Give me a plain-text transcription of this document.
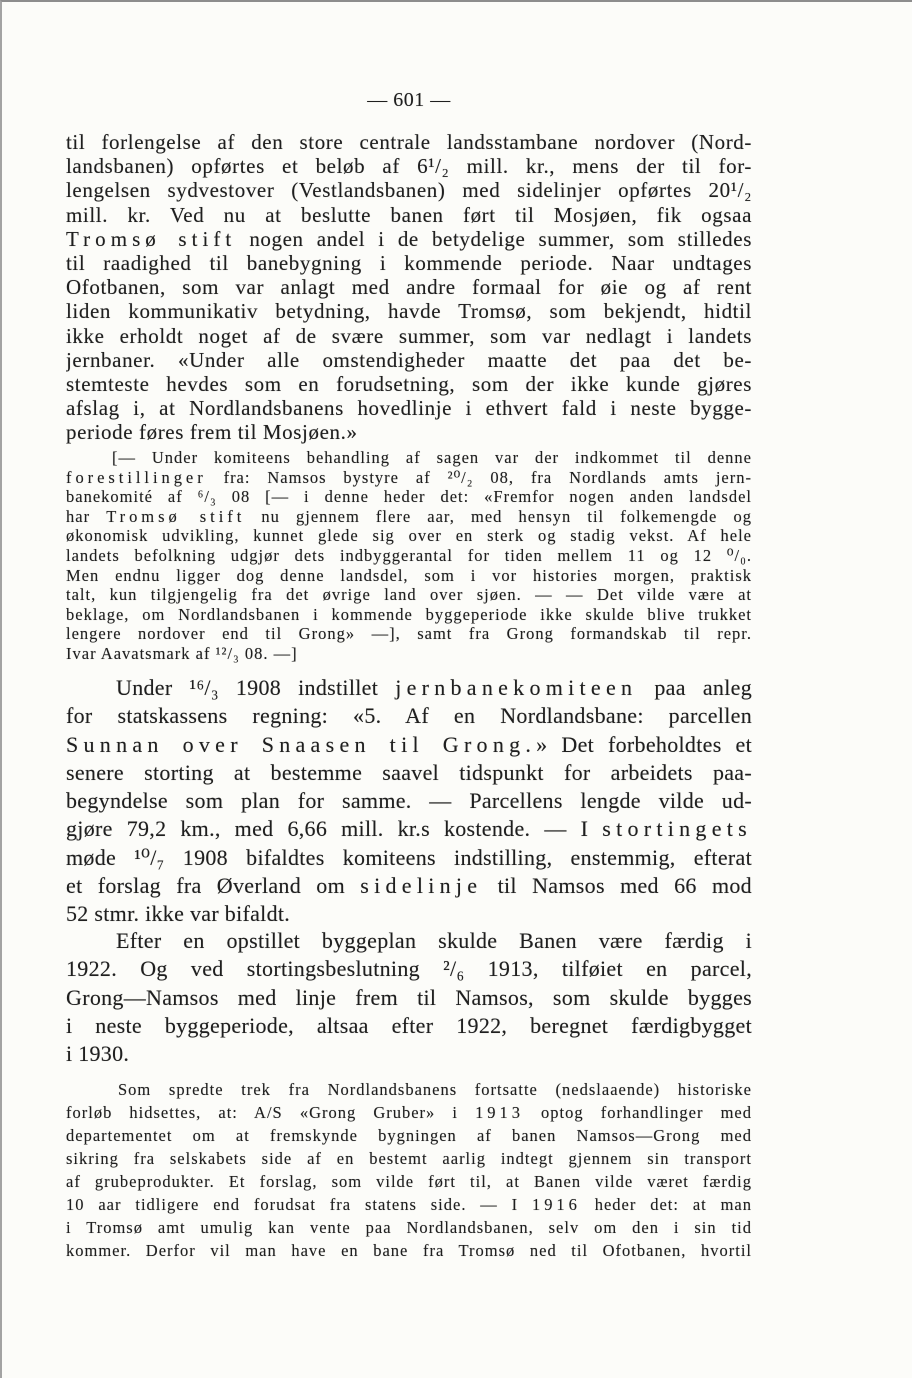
— 601 —
til forlengelse af den store centrale landsstambane nordover (Nord-
landsbanen) opførtes et beløb af 6¹/₂ mill. kr., mens der til for-
lengelsen sydvestover (Vestlandsbanen) med sidelinjer opførtes 20¹/₂
mill. kr. Ved nu at beslutte banen ført til Mosjøen, fik ogsaa
Tromsø stift nogen andel i de betydelige summer, som stilledes
til raadighed til banebygning i kommende periode. Naar undtages
Ofotbanen, som var anlagt med andre formaal for øie og af rent
liden kommunikativ betydning, havde Tromsø, som bekjendt, hidtil
ikke erholdt noget af de svære summer, som var nedlagt i landets
jernbaner. «Under alle omstendigheder maatte det paa det be-
stemteste hevdes som en forudsetning, som der ikke kunde gjøres
afslag i, at Nordlandsbanens hovedlinje i ethvert fald i neste bygge-
periode føres frem til Mosjøen.»
[— Under komiteens behandling af sagen var der indkommet til denne
forestillinger fra: Namsos bystyre af ²⁰/₂ 08, fra Nordlands amts jern-
banekomité af ⁶/₃ 08 [— i denne heder det: «Fremfor nogen anden landsdel
har Tromsø stift nu gjennem flere aar, med hensyn til folkemengde og
økonomisk udvikling, kunnet glede sig over en sterk og stadig vekst. Af hele
landets befolkning udgjør dets indbyggerantal for tiden mellem 11 og 12 ⁰/₀.
Men endnu ligger dog denne landsdel, som i vor histories morgen, praktisk
talt, kun tilgjengelig fra det øvrige land over sjøen. — — Det vilde være at
beklage, om Nordlandsbanen i kommende byggeperiode ikke skulde blive trukket
lengere nordover end til Grong» —], samt fra Grong formandskab til repr.
Ivar Aavatsmark af ¹²/₃ 08. —]
Under ¹⁶/₃ 1908 indstillet jernbanekomiteen paa anleg
for statskassens regning: «5. Af en Nordlandsbane: parcellen
Sunnan over Snaasen til Grong.» Det forbeholdtes et
senere storting at bestemme saavel tidspunkt for arbeidets paa-
begyndelse som plan for samme. — Parcellens lengde vilde ud-
gjøre 79,2 km., med 6,66 mill. kr.s kostende. — I stortingets
møde ¹⁰/₇ 1908 bifaldtes komiteens indstilling, enstemmig, efterat
et forslag fra Øverland om sidelinje til Namsos med 66 mod
52 stmr. ikke var bifaldt.
Efter en opstillet byggeplan skulde Banen være færdig i
1922. Og ved stortingsbeslutning ²/₆ 1913, tilføiet en parcel,
Grong—Namsos med linje frem til Namsos, som skulde bygges
i neste byggeperiode, altsaa efter 1922, beregnet færdigbygget
i 1930.
Som spredte trek fra Nordlandsbanens fortsatte (nedslaaende) historiske
forløb hidsettes, at: A/S «Grong Gruber» i 1913 optog forhandlinger med
departementet om at fremskynde bygningen af banen Namsos—Grong med
sikring fra selskabets side af en bestemt aarlig indtegt gjennem sin transport
af grubeprodukter. Et forslag, som vilde ført til, at Banen vilde været færdig
10 aar tidligere end forudsat fra statens side. — I 1916 heder det: at man
i Tromsø amt umulig kan vente paa Nordlandsbanen, selv om den i sin tid
kommer. Derfor vil man have en bane fra Tromsø ned til Ofotbanen, hvortil
